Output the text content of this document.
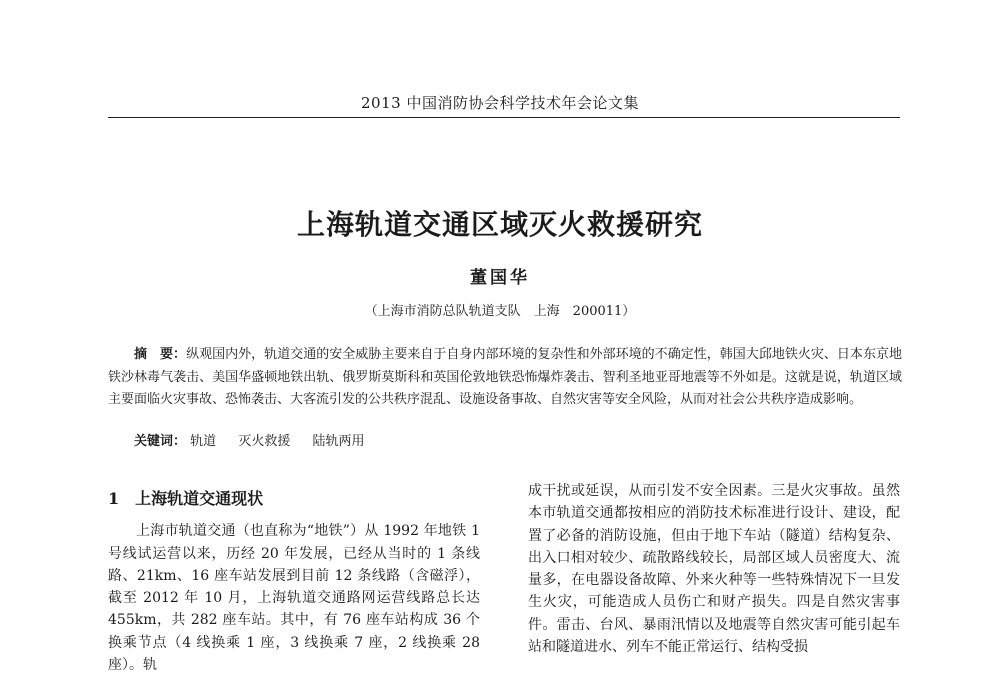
2013 中国消防协会科学技术年会论文集
上海轨道交通区域灭火救援研究
董国华
（上海市消防总队轨道支队　上海　200011）
摘　要：纵观国内外，轨道交通的安全威胁主要来自于自身内部环境的复杂性和外部环境的不确定性，韩国大邱地铁火灾、日本东京地铁沙林毒气袭击、美国华盛顿地铁出轨、俄罗斯莫斯科和英国伦敦地铁恐怖爆炸袭击、智利圣地亚哥地震等不外如是。这就是说，轨道区域主要面临火灾事故、恐怖袭击、大客流引发的公共秩序混乱、设施设备事故、自然灾害等安全风险，从而对社会公共秩序造成影响。
关键词： 轨道 灭火救援 陆轨两用
1 上海轨道交通现状

上海市轨道交通（也直称为“地铁”）从 1992 年地铁 1 号线试运营以来，历经 20 年发展，已经从当时的 1 条线路、21km、16 座车站发展到目前 12 条线路（含磁浮），截至 2012 年 10 月，上海轨道交通路网运营线路总长达 455km，共 282 座车站。其中，有 76 座车站构成 36 个换乘节点（4 线换乘 1 座，3 线换乘 7 座，2 线换乘 28 座）。轨

成干扰或延误，从而引发不安全因素。三是火灾事故。虽然本市轨道交通都按相应的消防技术标准进行设计、建设，配置了必备的消防设施，但由于地下车站（隧道）结构复杂、出入口相对较少、疏散路线较长，局部区域人员密度大、流量多，在电器设备故障、外来火种等一些特殊情况下一旦发生火灾，可能造成人员伤亡和财产损失。四是自然灾害事件。雷击、台风、暴雨汛情以及地震等自然灾害可能引起车站和隧道进水、列车不能正常运行、结构受损
